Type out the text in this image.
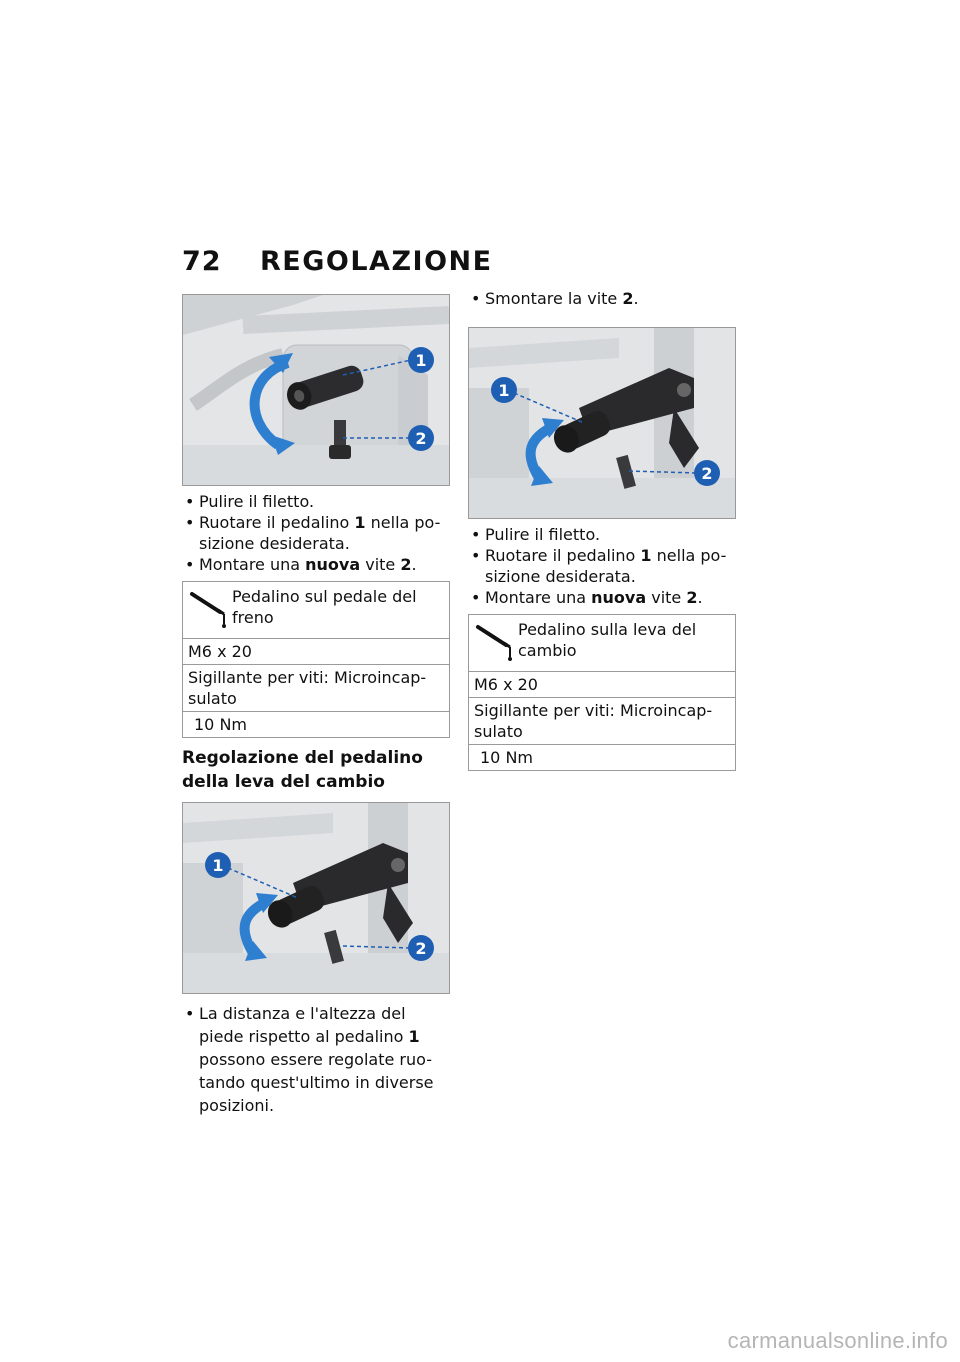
72	REGOLAZIONE
1
2
• Pulire il filetto.
• Ruotare il pedalino 1 nella po- sizione desiderata.
• Montare una nuova vite 2.
Pedalino sul pedale del freno
M6 x 20
Sigillante per viti: Microincap- sulato
10 Nm
Regolazione del pedalino della leva del cambio
1
2
• La distanza e l'altezza del piede rispetto al pedalino 1 possono essere regolate ruo- tando quest'ultimo in diverse posizioni.
• Smontare la vite 2.
1
2
• Pulire il filetto.
• Ruotare il pedalino 1 nella po- sizione desiderata.
• Montare una nuova vite 2.
Pedalino sulla leva del cambio
M6 x 20
Sigillante per viti: Microincap- sulato
10 Nm
carmanualsonline.info
